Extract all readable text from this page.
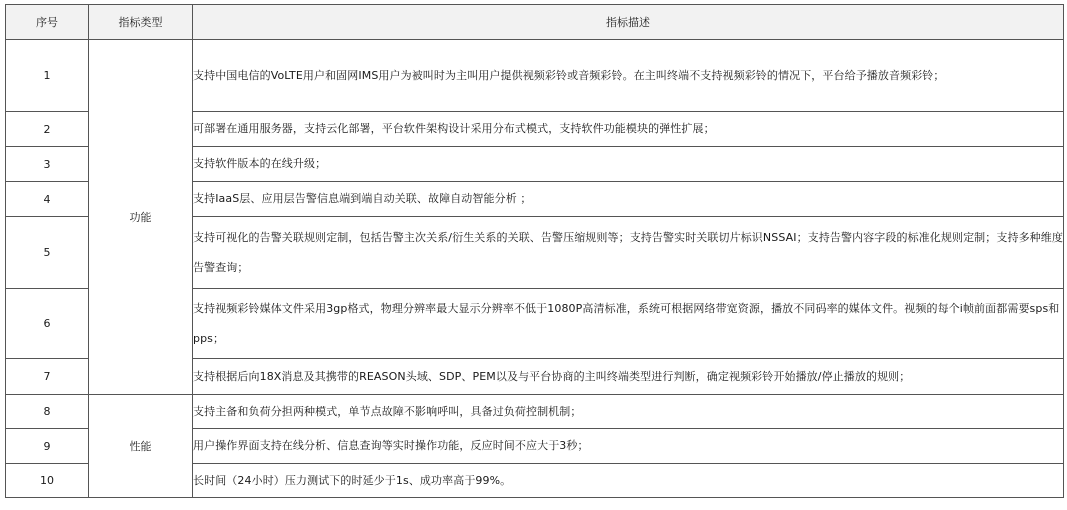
序号	指标类型	指标描述
1	功能	支持中国电信的VoLTE用户和固网IMS用户为被叫时为主叫用户提供视频彩铃或音频彩铃。在主叫终端不支持视频彩铃的情况下，平台给予播放音频彩铃；
2		可部署在通用服务器，支持云化部署，平台软件架构设计采用分布式模式，支持软件功能模块的弹性扩展；
3		支持软件版本的在线升级；
4		支持IaaS层、应用层告警信息端到端自动关联、故障自动智能分析 ；
5		支持可视化的告警关联规则定制，包括告警主次关系/衍生关系的关联、告警压缩规则等；支持告警实时关联切片标识NSSAI；支持告警内容字段的标准化规则定制；支持多种维度告警查询；
6		支持视频彩铃媒体文件采用3gp格式，物理分辨率最大显示分辨率不低于1080P高清标准，系统可根据网络带宽资源，播放不同码率的媒体文件。视频的每个i帧前面都需要sps和pps；
7		支持根据后向18X消息及其携带的REASON头域、SDP、PEM以及与平台协商的主叫终端类型进行判断，确定视频彩铃开始播放/停止播放的规则；
8	性能	支持主备和负荷分担两种模式，单节点故障不影响呼叫，具备过负荷控制机制；
9		用户操作界面支持在线分析、信息查询等实时操作功能，反应时间不应大于3秒；
10		长时间（24小时）压力测试下的时延少于1s、成功率高于99%。
